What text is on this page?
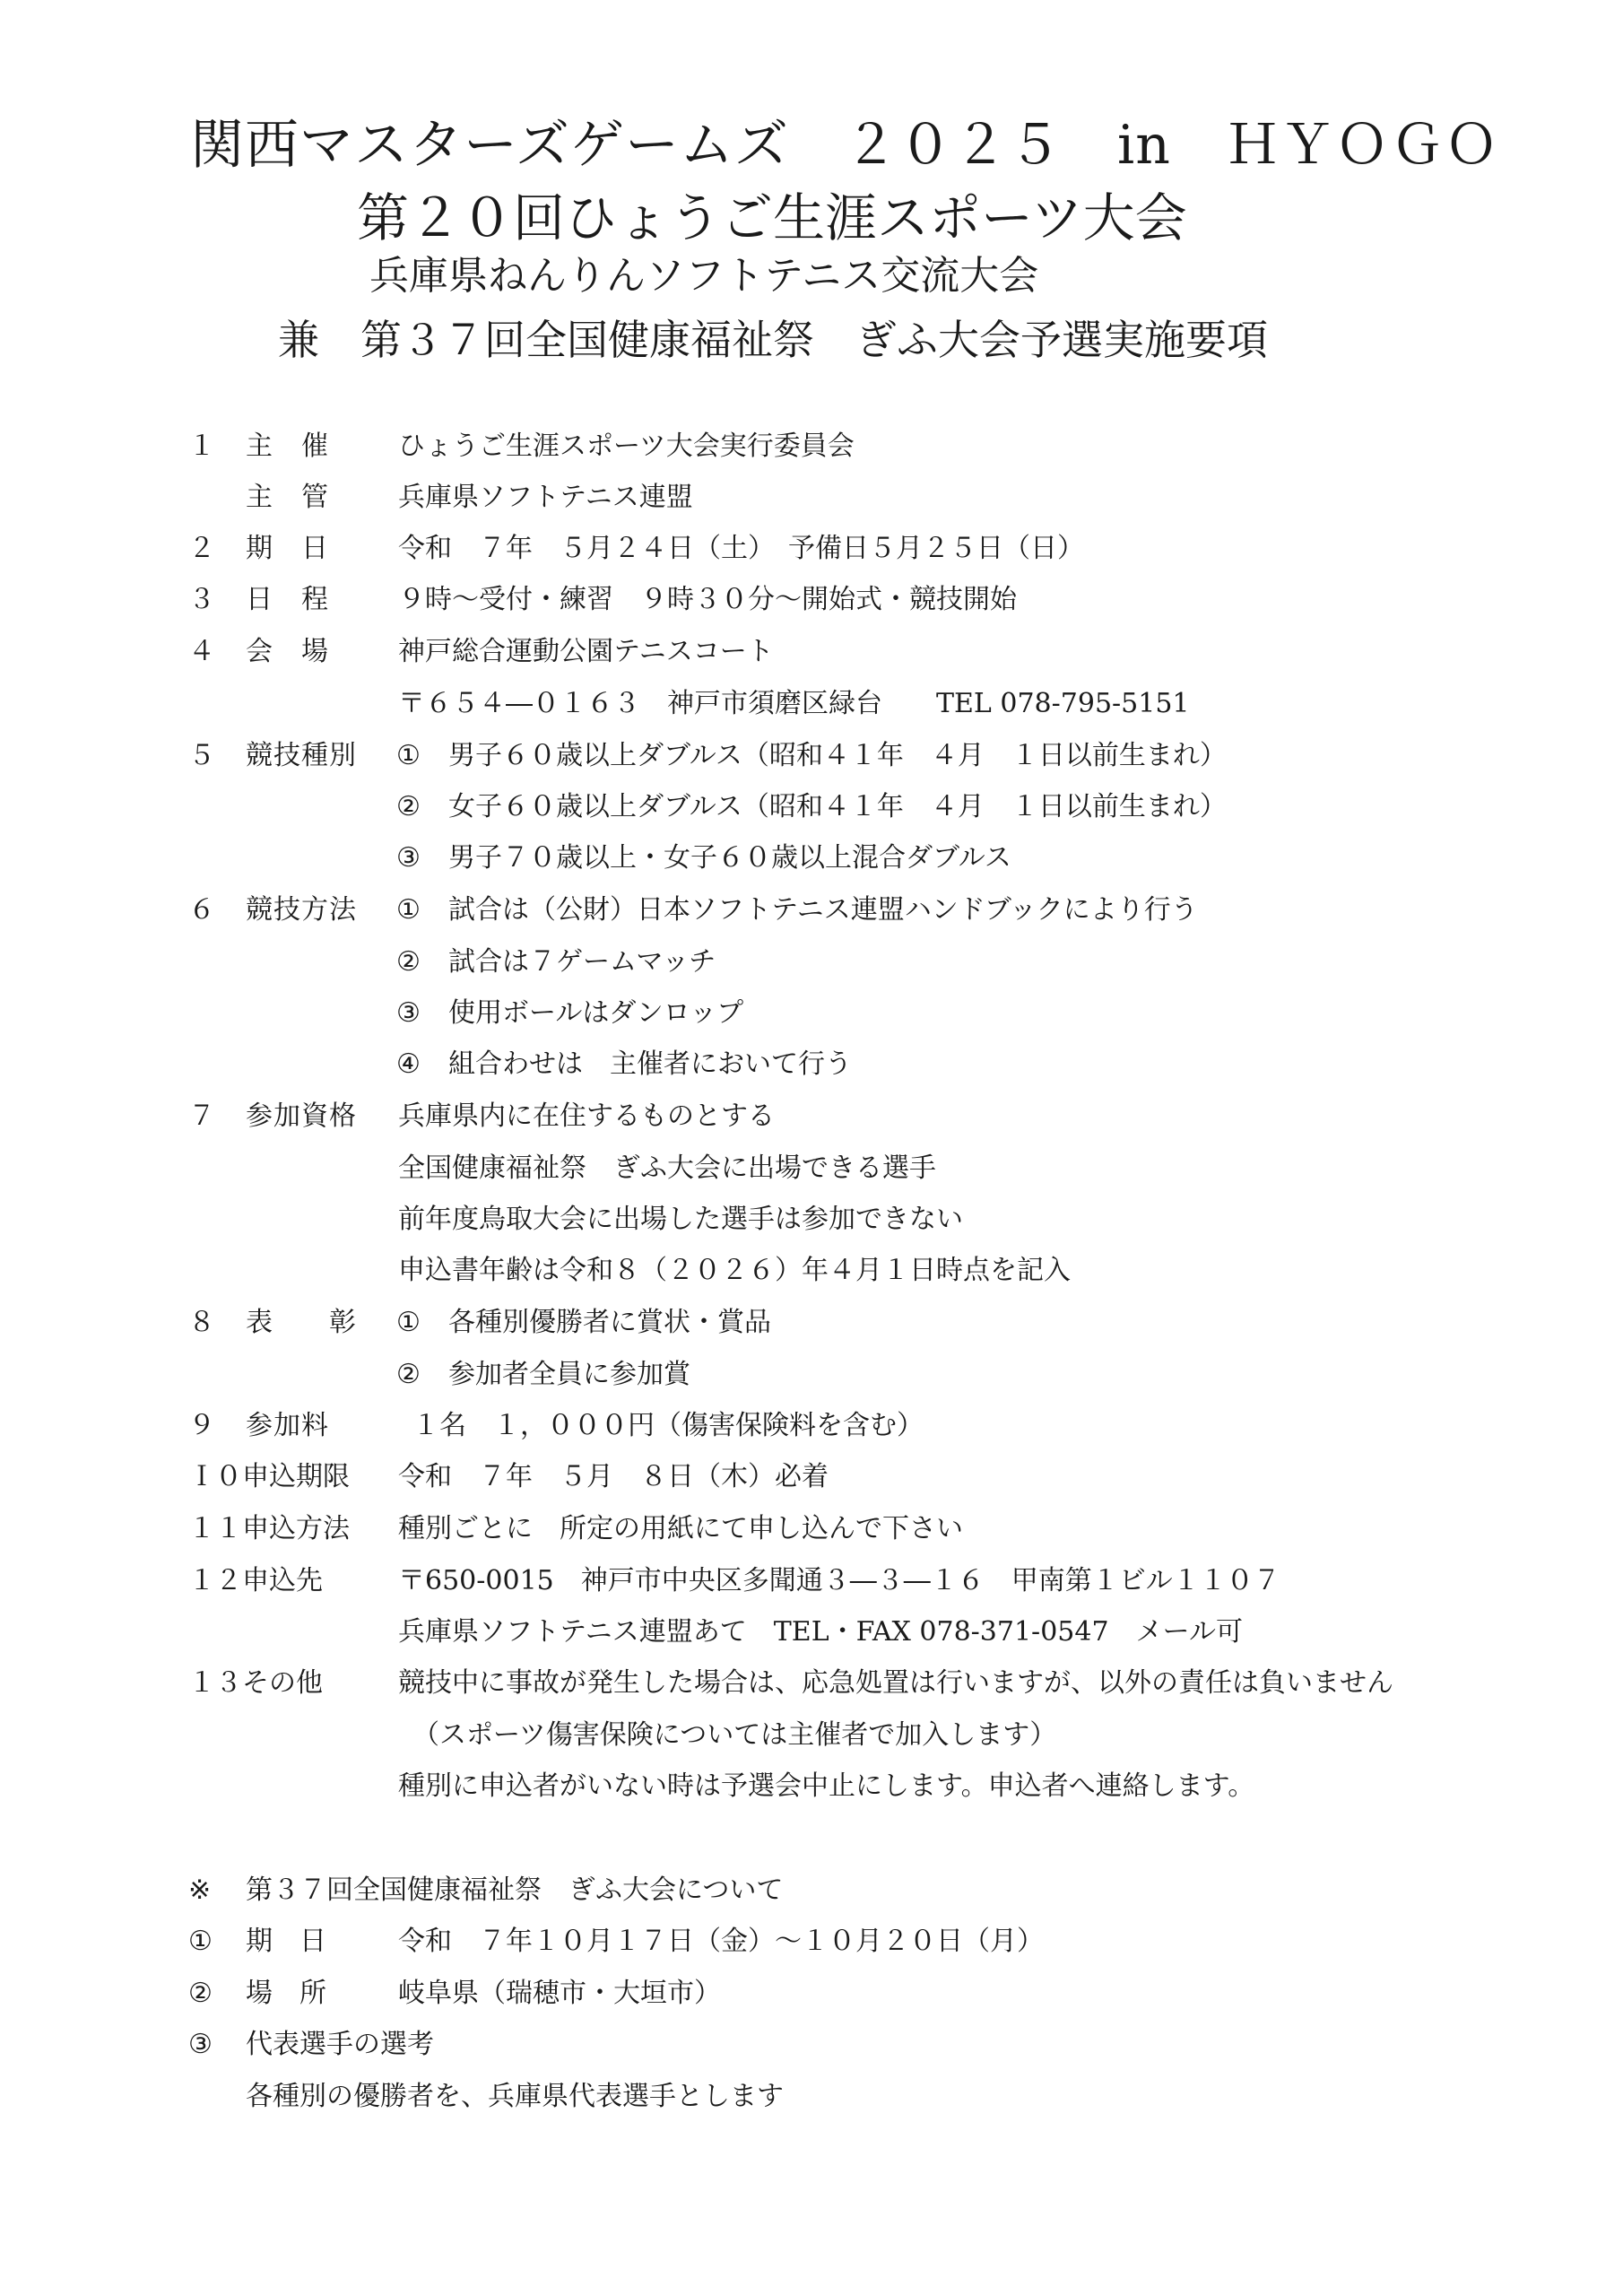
関西マスターズゲームズ　２０２５　in　ＨＹＯＧＯ
第２０回ひょうご生涯スポーツ大会
兵庫県ねんりんソフトテニス交流大会
兼　第３７回全国健康福祉祭　ぎふ大会予選実施要項
１ 主　催	ひょうご生涯スポーツ大会実行委員会
主　管	兵庫県ソフトテニス連盟
２ 期　日	令和　７年　５月２４日（土）　予備日５月２５日（日）
３ 日　程	９時～受付・練習　９時３０分～開始式・競技開始
４ 会　場	神戸総合運動公園テニスコート
〒６５４―０１６３　神戸市須磨区緑台　　TEL 078-795-5151
５ 競技種別 ① 男子６０歳以上ダブルス（昭和４１年　４月　１日以前生まれ）
② 女子６０歳以上ダブルス（昭和４１年　４月　１日以前生まれ）
③ 男子７０歳以上・女子６０歳以上混合ダブルス
６ 競技方法 ① 試合は（公財）日本ソフトテニス連盟ハンドブックにより行う
② 試合は７ゲームマッチ
③ 使用ボールはダンロップ
④ 組合わせは　主催者において行う
７ 参加資格 兵庫県内に在住するものとする
全国健康福祉祭　ぎふ大会に出場できる選手
前年度鳥取大会に出場した選手は参加できない
申込書年齢は令和８（２０２６）年４月１日時点を記入
８ 表　　彰 ① 各種別優勝者に賞状・賞品
② 参加者全員に参加賞
９ 参加料	１名　１，０００円（傷害保険料を含む）
Ｉ０申込期限 令和　７年　５月　８日（木）必着
１１申込方法 種別ごとに　所定の用紙にて申し込んで下さい
１２申込先	〒650-0015　神戸市中央区多聞通３―３―１６　甲南第１ビル１１０７
兵庫県ソフトテニス連盟あて　TEL・FAX 078-371-0547　メール可
１３その他	競技中に事故が発生した場合は、応急処置は行いますが、以外の責任は負いません
（スポーツ傷害保険については主催者で加入します）
種別に申込者がいない時は予選会中止にします。申込者へ連絡します。
※ 第３７回全国健康福祉祭　ぎふ大会について
① 期　日	令和　７年１０月１７日（金）～１０月２０日（月）
② 場　所	岐阜県（瑞穂市・大垣市）
③ 代表選手の選考
各種別の優勝者を、兵庫県代表選手とします
